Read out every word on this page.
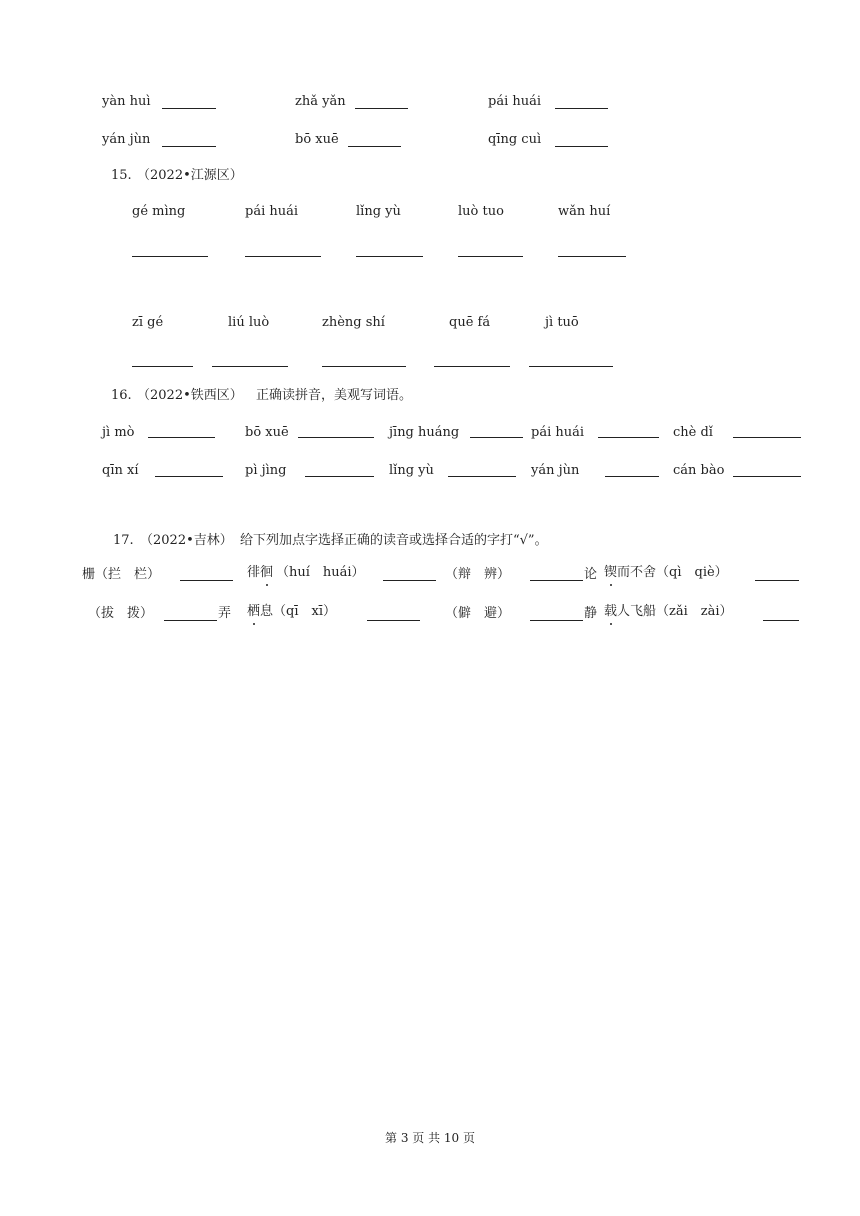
yàn huì	zhǎ yǎn	pái huái
yán jùn	bō xuē	qīng cuì
15. （2022•江源区）
gé mìng	pái huái	lǐng yù	luò tuo	wǎn huí
zī gé	liú luò	zhèng shí	quē fá	jì tuō
16. （2022•铁西区） 正确读拼音，美观写词语。
jì mò	bō xuē	jīng huáng	pái huái	chè dǐ
qīn xí	pì jìng	lǐng yù	yán jùn	cán bào
17. （2022•吉林） 给下列加点字选择正确的读音或选择合适的字打“√”。
栅（拦　栏）	徘徊 （huí　huái）	（辩　辨）	论 锲而不舍（qì　qiè）
（拔　拨）	弄 栖息（qī　xī）	（僻　避）	静 载人飞船（zǎi　zài）
第 3 页 共 10 页
